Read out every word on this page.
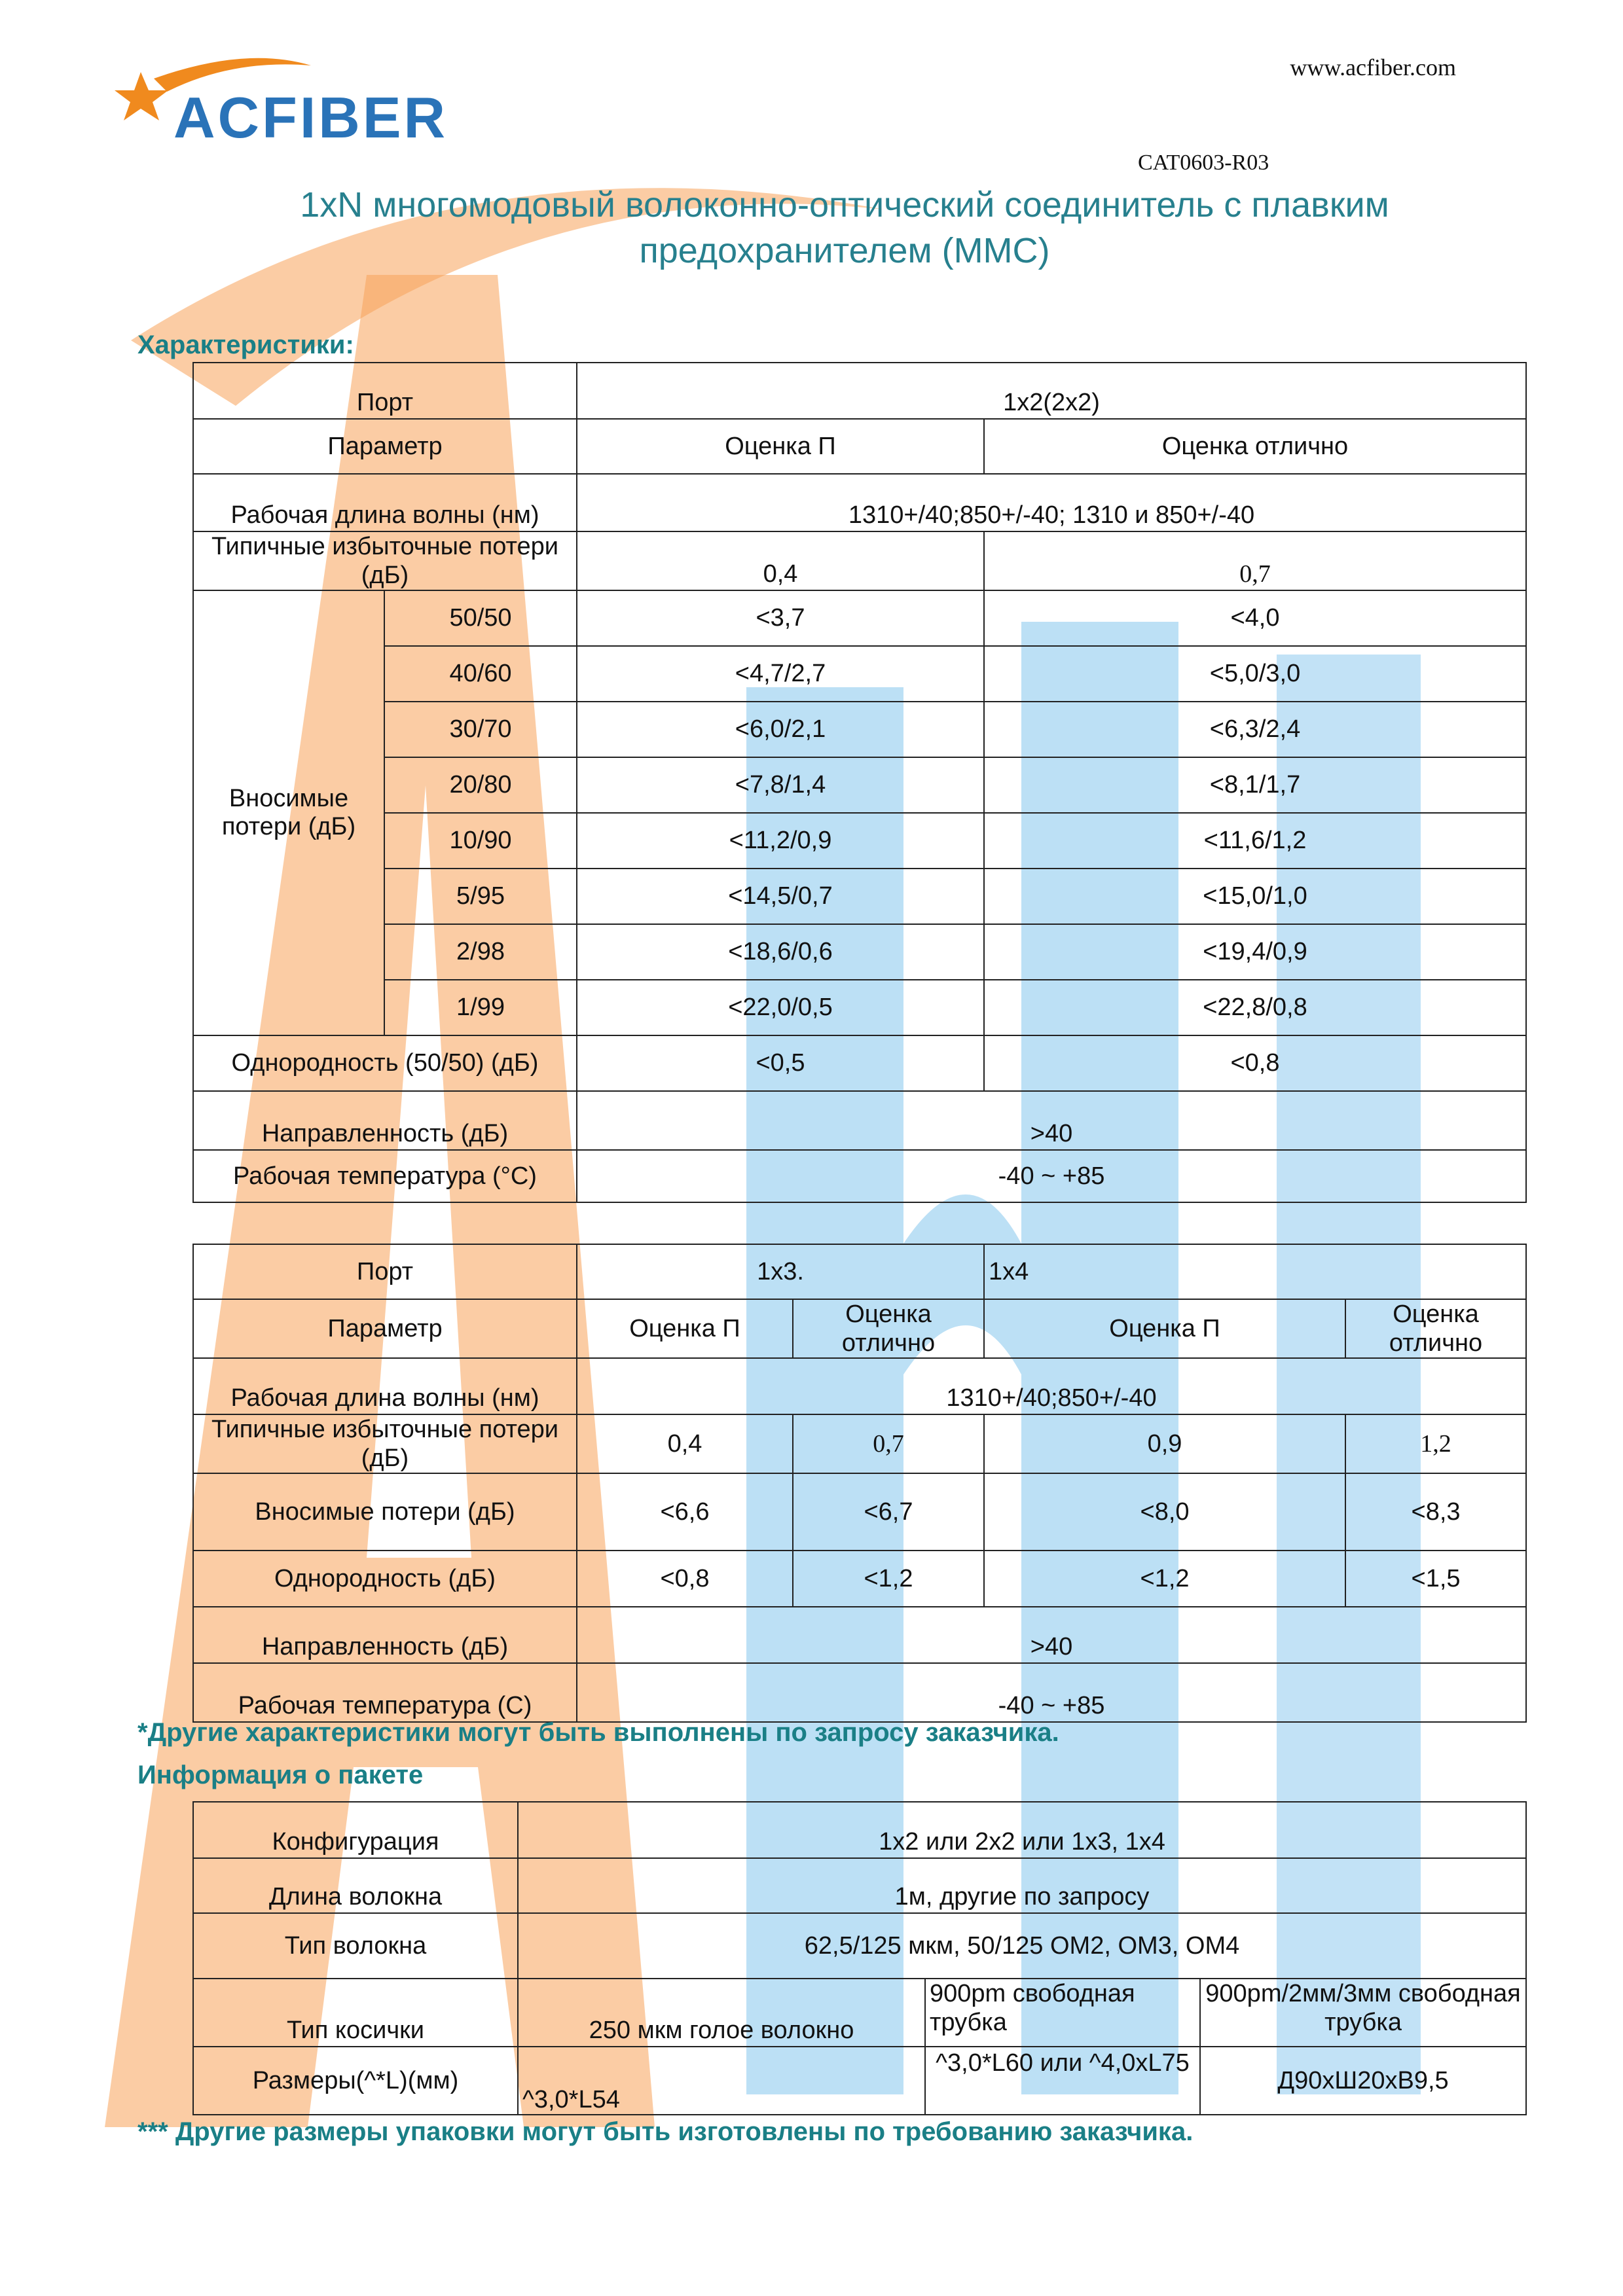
ACFIBER
www.acfiber.com
CAT0603-R03
1xN многомодовый волоконно-оптический соединитель с плавким
предохранителем (MMC)
Характеристики:
Порт		1x2(2x2)	
Параметр		Оценка П	Оценка отлично
Рабочая длина волны (нм)		1310+/40;850+/-40; 1310 и 850+/-40	
Типичные избыточные потери (дБ)		0,4	0,7
Вносимые потери (дБ)	50/50	<3,7	<4,0
	40/60	<4,7/2,7	<5,0/3,0
	30/70	<6,0/2,1	<6,3/2,4
	20/80	<7,8/1,4	<8,1/1,7
	10/90	<11,2/0,9	<11,6/1,2
	5/95	<14,5/0,7	<15,0/1,0
	2/98	<18,6/0,6	<19,4/0,9
	1/99	<22,0/0,5	<22,8/0,8
Однородность (50/50) (дБ)		<0,5	<0,8
Направленность (дБ)		>40	
Рабочая температура (°C)		-40 ~ +85	
Порт	1x3.		1x4	
Параметр	Оценка П	Оценка отлично	Оценка П	Оценка отлично
Рабочая длина волны (нм)	1310+/40;850+/-40			
Типичные избыточные потери (дБ)	0,4	0,7	0,9	1,2
Вносимые потери (дБ)	<6,6	<6,7	<8,0	<8,3
Однородность (дБ)	<0,8	<1,2	<1,2	<1,5
Направленность (дБ)	>40			
Рабочая температура (C)	-40 ~ +85			
*Другие характеристики могут быть выполнены по запросу заказчика.
Информация о пакете
Конфигурация	1x2 или 2x2 или 1x3, 1x4		
Длина волокна	1м, другие по запросу		
Тип волокна	62,5/125 мкм, 50/125 OM2, OM3, OM4		
Тип косички	250 мкм голое волокно	900pm свободная трубка	900pm/2мм/3мм свободная трубка
Размеры(^*L)(мм)	^3,0*L54	^3,0*L60 или ^4,0xL75	Д90xШ20xВ9,5
*** Другие размеры упаковки могут быть изготовлены по требованию заказчика.
